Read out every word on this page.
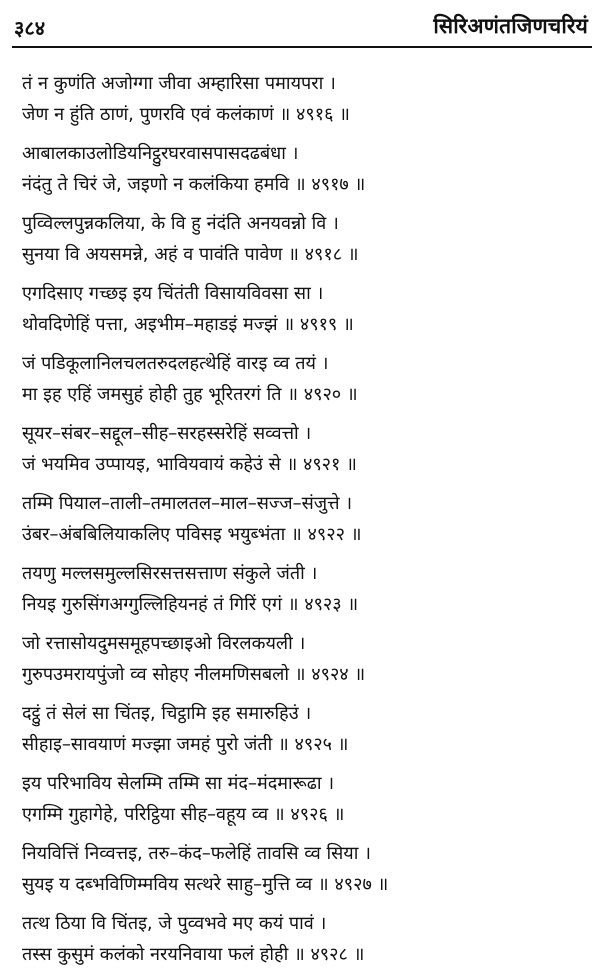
३८४	सिरिअणंतजिणचरियं
तं न कुणंति अजोग्गा जीवा अम्हारिसा पमायपरा ।
जेण न हुंति ठाणं, पुणरवि एवं कलंकाणं ॥ ४९१६ ॥
आबालकाउलोडियनिट्ठुरघरवासपासदढबंधा ।
नंदंतु ते चिरं जे, जइणो न कलंकिया हमवि ॥ ४९१७ ॥
पुव्विल्लपुन्नकलिया, के वि हु नंदंति अनयवन्नो वि ।
सुनया वि अयसमन्ने, अहं व पावंति पावेण ॥ ४९१८ ॥
एगदिसाए गच्छइ इय चिंतंती विसायविवसा सा ।
थोवदिणेहिं पत्ता, अइभीम–महाडइं मज्झं ॥ ४९१९ ॥
जं पडिकूलानिलचलतरुदलहत्थेहिं वारइ व्व तयं ।
मा इह एहिं जमसुहं होही तुह भूरितरगं ति ॥ ४९२० ॥
सूयर–संबर–सद्दूल–सीह–सरहस्सरेहिं सव्वत्तो ।
जं भयमिव उप्पायइ, भावियवायं कहेउं से ॥ ४९२१ ॥
तम्मि पियाल–ताली–तमालतल–माल–सज्ज–संजुत्ते ।
उंबर–अंबबिलियाकलिए पविसइ भयुब्भंता ॥ ४९२२ ॥
तयणु मल्लसमुल्लसिरसत्तसत्ताण संकुले जंती ।
नियइ गुरुसिंगअग्गुल्लिहियनहं तं गिरिं एगं ॥ ४९२३ ॥
जो रत्तासोयदुमसमूहपच्छाइओ विरलकयली ।
गुरुपउमरायपुंजो व्व सोहए नीलमणिसबलो ॥ ४९२४ ॥
दट्ठुं तं सेलं सा चिंतइ, चिट्ठामि इह समारुहिउं ।
सीहाइ–सावयाणं मज्झा जमहं पुरो जंती ॥ ४९२५ ॥
इय परिभाविय सेलम्मि तम्मि सा मंद–मंदमारूढा ।
एगम्मि गुहागेहे, परिट्ठिया सीह–वहूय व्व ॥ ४९२६ ॥
नियवित्तिं निव्वत्तइ, तरु–कंद–फलेहिं तावसि व्व सिया ।
सुयइ य दब्भविणिम्मविय सत्थरे साहु–मुत्ति व्व ॥ ४९२७ ॥
तत्थ ठिया वि चिंतइ, जे पुव्वभवे मए कयं पावं ।
तस्स कुसुमं कलंको नरयनिवाया फलं होही ॥ ४९२८ ॥
